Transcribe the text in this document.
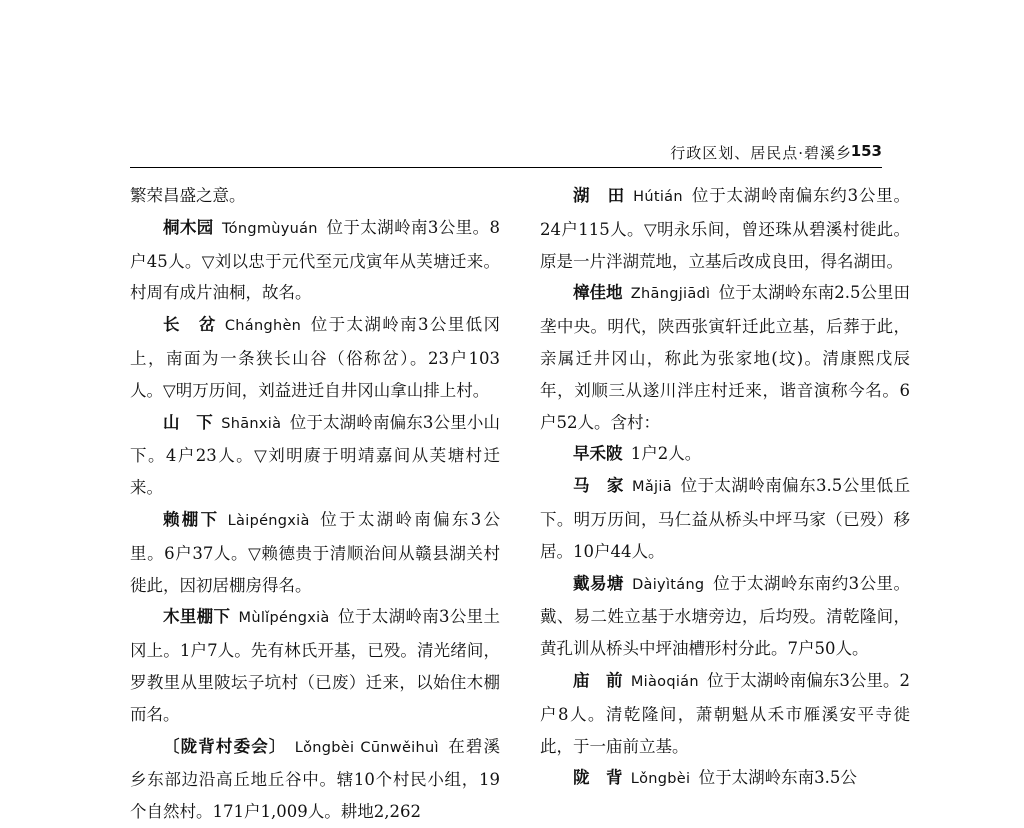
行政区划、居民点·碧溪乡
153

繁荣昌盛之意。

桐木园  Tóngmùyuán  位于太湖岭南3公里。8户45人。▽刘以忠于元代至元戊寅年从芙塘迁来。村周有成片油桐，故名。

长　岔  Chánghèn  位于太湖岭南3公里低冈上，南面为一条狭长山谷（俗称岔）。23户103人。▽明万历间，刘益进迁自井冈山拿山排上村。

山　下  Shānxià  位于太湖岭南偏东3公里小山下。4户23人。▽刘明赓于明靖嘉间从芙塘村迁来。

赖棚下  Làipéngxià  位于太湖岭南偏东3公里。6户37人。▽赖德贵于清顺治间从赣县湖关村徙此，因初居棚房得名。

木里棚下  Mùlǐpéngxià  位于太湖岭南3公里土冈上。1户7人。先有林氏开基，已殁。清光绪间，罗教里从里陂坛子坑村（已废）迁来，以始住木棚而名。

〔陇背村委会〕  Lǒngbèi Cūnwěihuì  在碧溪乡东部边沿高丘地丘谷中。辖10个村民小组，19个自然村。171户1,009人。耕地2,262

湖　田  Hútián  位于太湖岭南偏东约3公里。24户115人。▽明永乐间，曾还珠从碧溪村徙此。原是一片泮湖荒地，立基后改成良田，得名湖田。

樟佳地  Zhāngjiādì  位于太湖岭东南2.5公里田垄中央。明代，陕西张寅轩迁此立基，后葬于此，亲属迁井冈山，称此为张家地(坟)。清康熙戊辰年，刘顺三从遂川泮庄村迁来，谐音演称今名。6户52人。含村：

早禾陂  1户2人。

马　家  Mǎjiā  位于太湖岭南偏东3.5公里低丘下。明万历间，马仁益从桥头中坪马家（已殁）移居。10户44人。

戴易塘  Dàiyìtáng  位于太湖岭东南约3公里。戴、易二姓立基于水塘旁边，后均殁。清乾隆间，黄孔训从桥头中坪油槽形村分此。7户50人。

庙　前  Miàoqián  位于太湖岭南偏东3公里。2户8人。清乾隆间，萧朝魁从禾市雁溪安平寺徙此，于一庙前立基。

陇　背  Lǒngbèi  位于太湖岭东南3.5公
